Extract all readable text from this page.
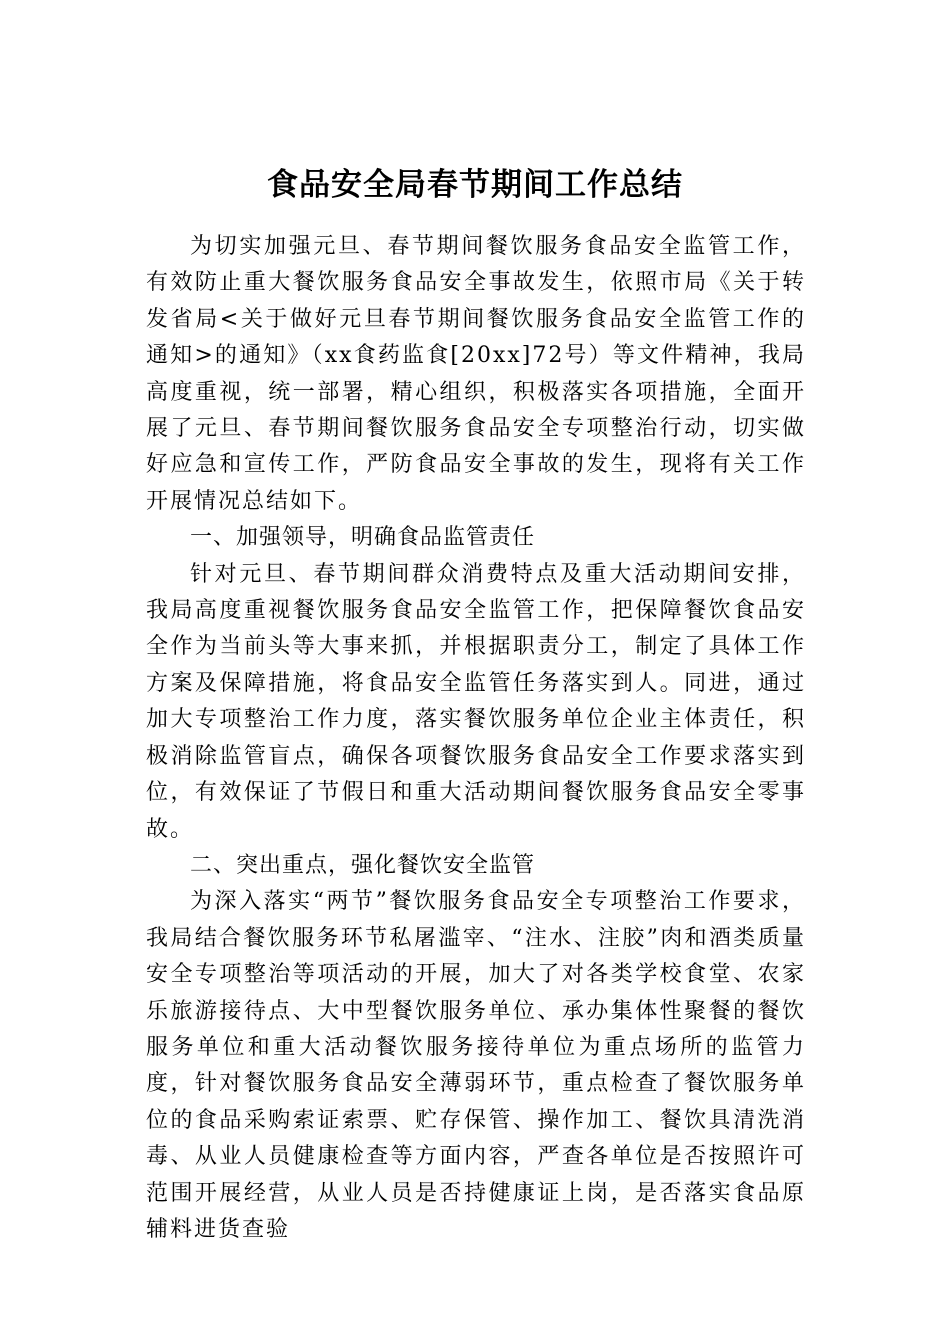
食品安全局春节期间工作总结

为切实加强元旦、春节期间餐饮服务食品安全监管工作，有效防止重大餐饮服务食品安全事故发生，依照市局《关于转发省局<关于做好元旦春节期间餐饮服务食品安全监管工作的通知>的通知》（xx食药监食[20xx]72号）等文件精神，我局高度重视，统一部署，精心组织，积极落实各项措施，全面开展了元旦、春节期间餐饮服务食品安全专项整治行动，切实做好应急和宣传工作，严防食品安全事故的发生，现将有关工作开展情况总结如下。

一、加强领导，明确食品监管责任

针对元旦、春节期间群众消费特点及重大活动期间安排，我局高度重视餐饮服务食品安全监管工作，把保障餐饮食品安全作为当前头等大事来抓，并根据职责分工，制定了具体工作方案及保障措施，将食品安全监管任务落实到人。同进，通过加大专项整治工作力度，落实餐饮服务单位企业主体责任，积极消除监管盲点，确保各项餐饮服务食品安全工作要求落实到位，有效保证了节假日和重大活动期间餐饮服务食品安全零事故。

二、突出重点，强化餐饮安全监管

为深入落实“两节”餐饮服务食品安全专项整治工作要求，我局结合餐饮服务环节私屠滥宰、“注水、注胶”肉和酒类质量安全专项整治等项活动的开展，加大了对各类学校食堂、农家乐旅游接待点、大中型餐饮服务单位、承办集体性聚餐的餐饮服务单位和重大活动餐饮服务接待单位为重点场所的监管力度，针对餐饮服务食品安全薄弱环节，重点检查了餐饮服务单位的食品采购索证索票、贮存保管、操作加工、餐饮具清洗消毒、从业人员健康检查等方面内容，严查各单位是否按照许可范围开展经营，从业人员是否持健康证上岗，是否落实食品原辅料进货查验
